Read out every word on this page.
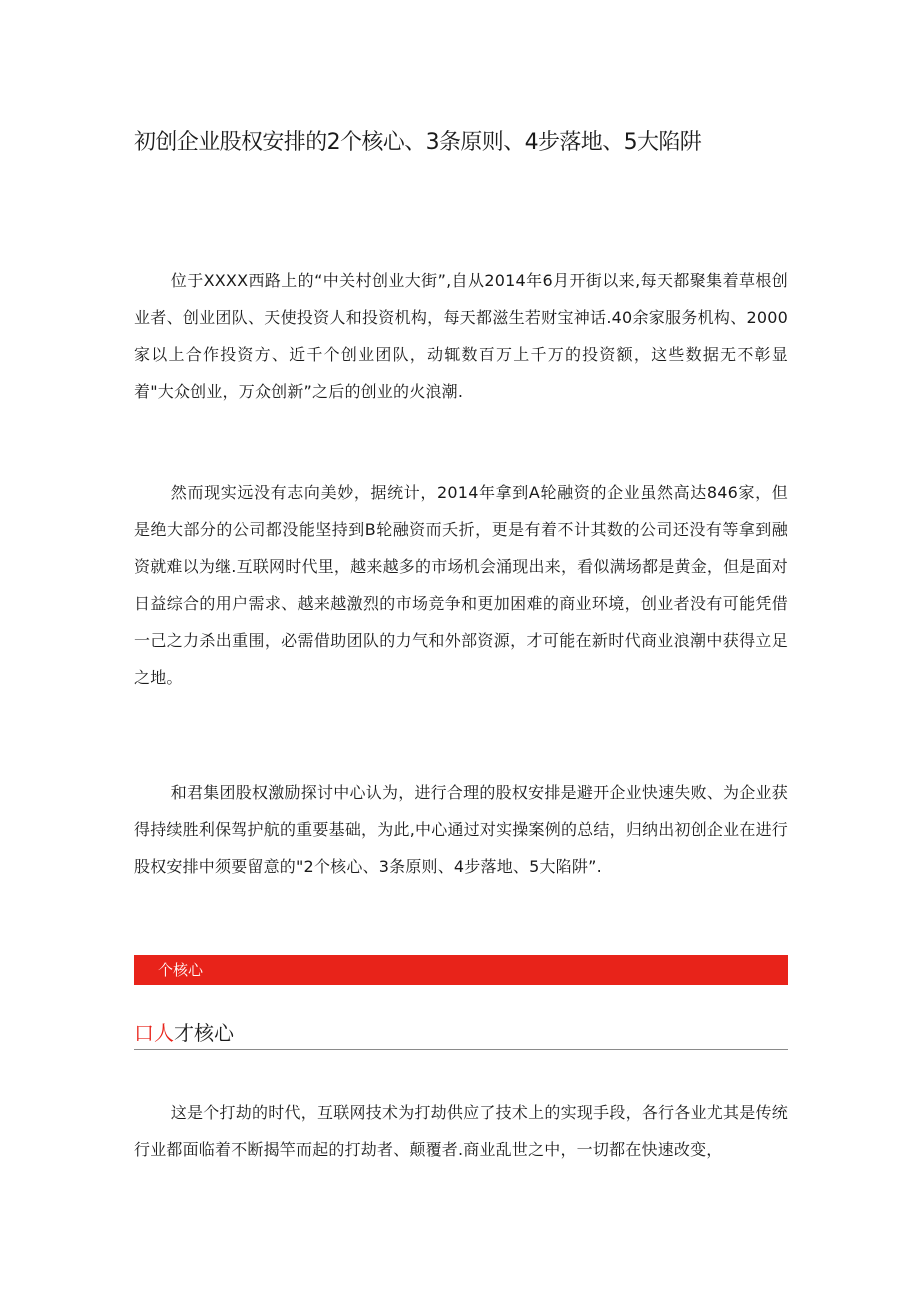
初创企业股权安排的2个核心、3条原则、4步落地、5大陷阱

位于XXXX西路上的“中关村创业大街”,自从2014年6月开街以来,每天都聚集着草根创业者、创业团队、天使投资人和投资机构，每天都滋生若财宝神话.40余家服务机构、2000家以上合作投资方、近千个创业团队，动辄数百万上千万的投资额，这些数据无不彰显着"大众创业，万众创新”之后的创业的火浪潮.

然而现实远没有志向美妙，据统计，2014年拿到A轮融资的企业虽然高达846家，但是绝大部分的公司都没能坚持到B轮融资而夭折，更是有着不计其数的公司还没有等拿到融资就难以为继.互联网时代里，越来越多的市场机会涌现出来，看似满场都是黄金，但是面对日益综合的用户需求、越来越激烈的市场竞争和更加困难的商业环境，创业者没有可能凭借一己之力杀出重围，必需借助团队的力气和外部资源，才可能在新时代商业浪潮中获得立足之地。

和君集团股权激励探讨中心认为，进行合理的股权安排是避开企业快速失败、为企业获得持续胜利保驾护航的重要基础，为此,中心通过对实操案例的总结，归纳出初创企业在进行股权安排中须要留意的"2个核心、3条原则、4步落地、5大陷阱”.

个核心
口人 才核心

这是个打劫的时代，互联网技术为打劫供应了技术上的实现手段，各行各业尤其是传统行业都面临着不断揭竿而起的打劫者、颠覆者.商业乱世之中，一切都在快速改变，
